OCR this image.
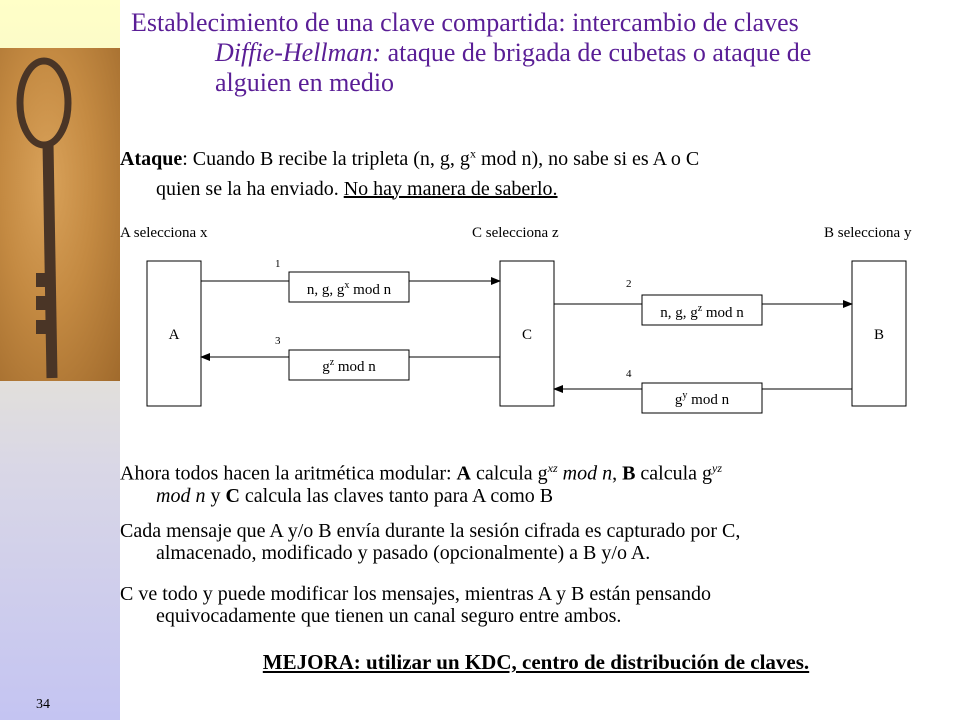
Establecimiento de una clave compartida: intercambio de claves
Diffie-Hellman: ataque de brigada de cubetas o ataque de
alguien en medio
Ataque: Cuando B recibe la tripleta (n, g, $g^x$ mod n), no sabe si es A o C
quien se la ha enviado. No hay manera de saberlo.
A selecciona x	C selecciona z	B selecciona y
A	C	B
1
n, g, $g^x$ mod n	2
n, g, $g^z$ mod n
3
$g^z$ mod n	4
$g^y$ mod n
Ahora todos hacen la aritmética modular: A calcula $g^{xz}$ mod n, B calcula $g^{yz}$
mod n y C calcula las claves tanto para A como B
Cada mensaje que A y/o B envía durante la sesión cifrada es capturado por C,
almacenado, modificado y pasado (opcionalmente) a B y/o A.
C ve todo y puede modificar los mensajes, mientras A y B están pensando
equivocadamente que tienen un canal seguro entre ambos.
MEJORA: utilizar un KDC, centro de distribución de claves.
34
